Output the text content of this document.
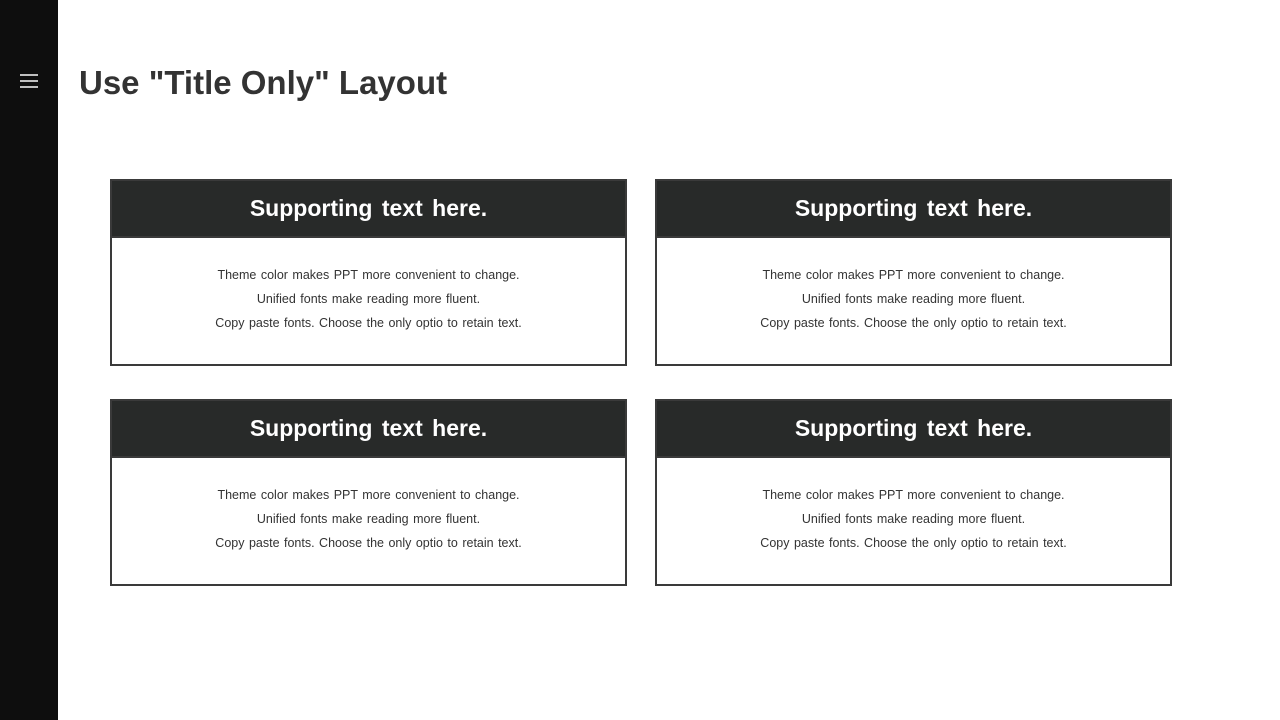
Use "Title Only" Layout
Supporting text here.
Theme color makes PPT more convenient to change.
Unified fonts make reading more fluent.
Copy paste fonts. Choose the only optio to retain text.
Supporting text here.
Theme color makes PPT more convenient to change.
Unified fonts make reading more fluent.
Copy paste fonts. Choose the only optio to retain text.
Supporting text here.
Theme color makes PPT more convenient to change.
Unified fonts make reading more fluent.
Copy paste fonts. Choose the only optio to retain text.
Supporting text here.
Theme color makes PPT more convenient to change.
Unified fonts make reading more fluent.
Copy paste fonts. Choose the only optio to retain text.
